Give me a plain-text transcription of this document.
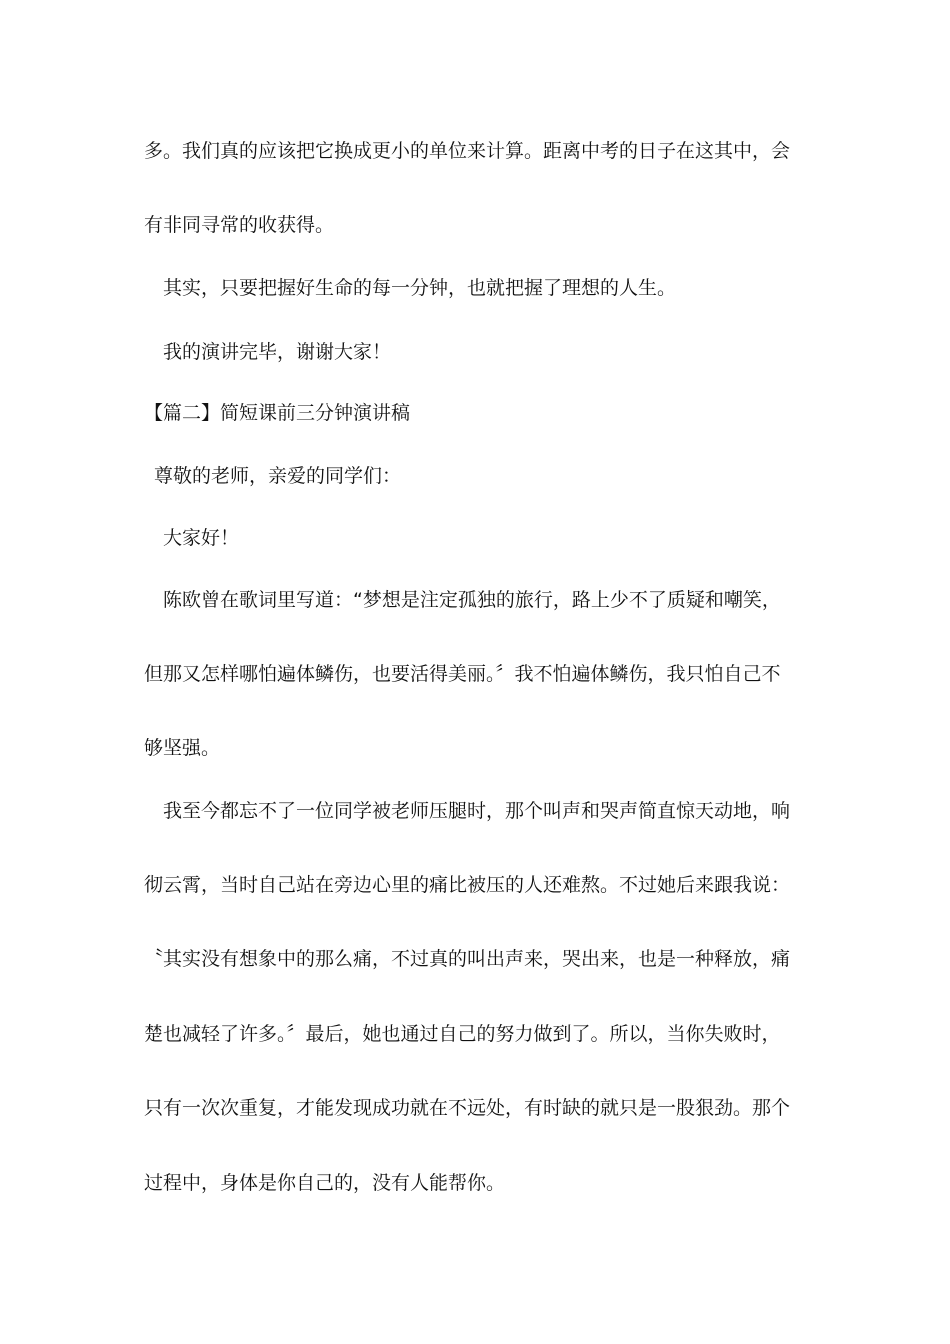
多。我们真的应该把它换成更小的单位来计算。距离中考的日子在这其中，会
有非同寻常的收获得。
其实，只要把握好生命的每一分钟，也就把握了理想的人生。
我的演讲完毕，谢谢大家！
【篇二】简短课前三分钟演讲稿
尊敬的老师，亲爱的同学们：
大家好！
陈欧曾在歌词里写道：“梦想是注定孤独的旅行，路上少不了质疑和嘲笑，
但那又怎样哪怕遍体鳞伤，也要活得美丽。〞我不怕遍体鳞伤，我只怕自己不
够坚强。
我至今都忘不了一位同学被老师压腿时，那个叫声和哭声简直惊天动地，响
彻云霄，当时自己站在旁边心里的痛比被压的人还难熬。不过她后来跟我说：
〝其实没有想象中的那么痛，不过真的叫出声来，哭出来，也是一种释放，痛
楚也减轻了许多。〞最后，她也通过自己的努力做到了。所以，当你失败时，
只有一次次重复，才能发现成功就在不远处，有时缺的就只是一股狠劲。那个
过程中，身体是你自己的，没有人能帮你。
